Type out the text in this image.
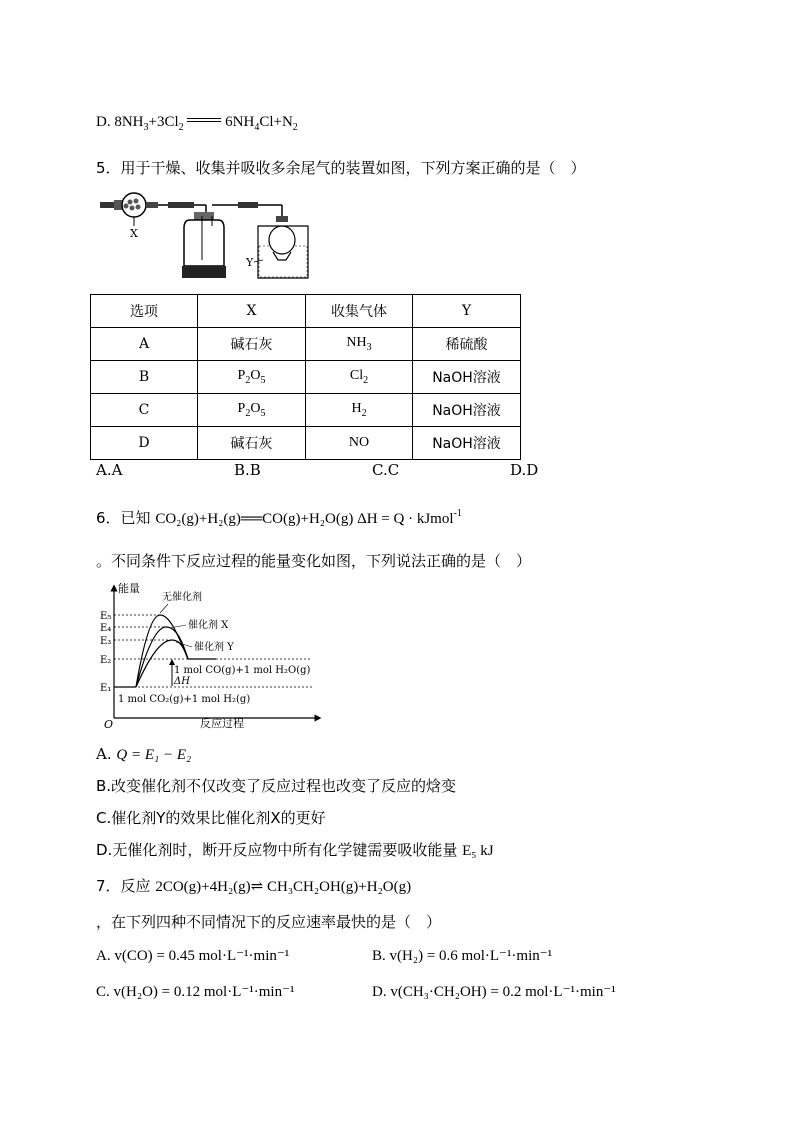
D. $8NH_3+3Cl_2$	$6NH_4Cl+N_2$
5．用于干燥、收集并吸收多余尾气的装置如图，下列方案正确的是（　）
X
Y
选项	X	收集气体	Y
A	碱石灰	$NH_3$	稀硫酸
B	$P_2O_5$	$Cl_2$	NaOH溶液
C	$P_2O_5$	$H_2$	NaOH溶液
D	碱石灰	NO	NaOH溶液
A.A	B.B	C.C	D.D
6．已知 CO₂(g)+H₂(g)══CO(g)+H₂O(g) ΔH = Q · kJmol$^{-1}$
。不同条件下反应过程的能量变化如图，下列说法正确的是（　）
能量
反应过程
O
E₅
E₄
E₃
E₂
E₁
无催化剂
催化剂 X
催化剂 Y
1 mol CO(g)+1 mol H₂O(g)
ΔH
1 mol CO₂(g)+1 mol H₂(g)
A. Q = E₁ − E₂
B.改变催化剂不仅改变了反应过程也改变了反应的焓变
C.催化剂Y的效果比催化剂X的更好
D.无催化剂时，断开反应物中所有化学键需要吸收能量 E₅ kJ
7．反应 2CO(g)+4H₂(g)⇌ CH₃CH₂OH(g)+H₂O(g)
，在下列四种不同情况下的反应速率最快的是（　）
A. v(CO) = 0.45 mol·L⁻¹·min⁻¹	B. v(H₂) = 0.6 mol·L⁻¹·min⁻¹
C. v(H₂O) = 0.12 mol·L⁻¹·min⁻¹	D. v(CH₃·CH₂OH) = 0.2 mol·L⁻¹·min⁻¹
